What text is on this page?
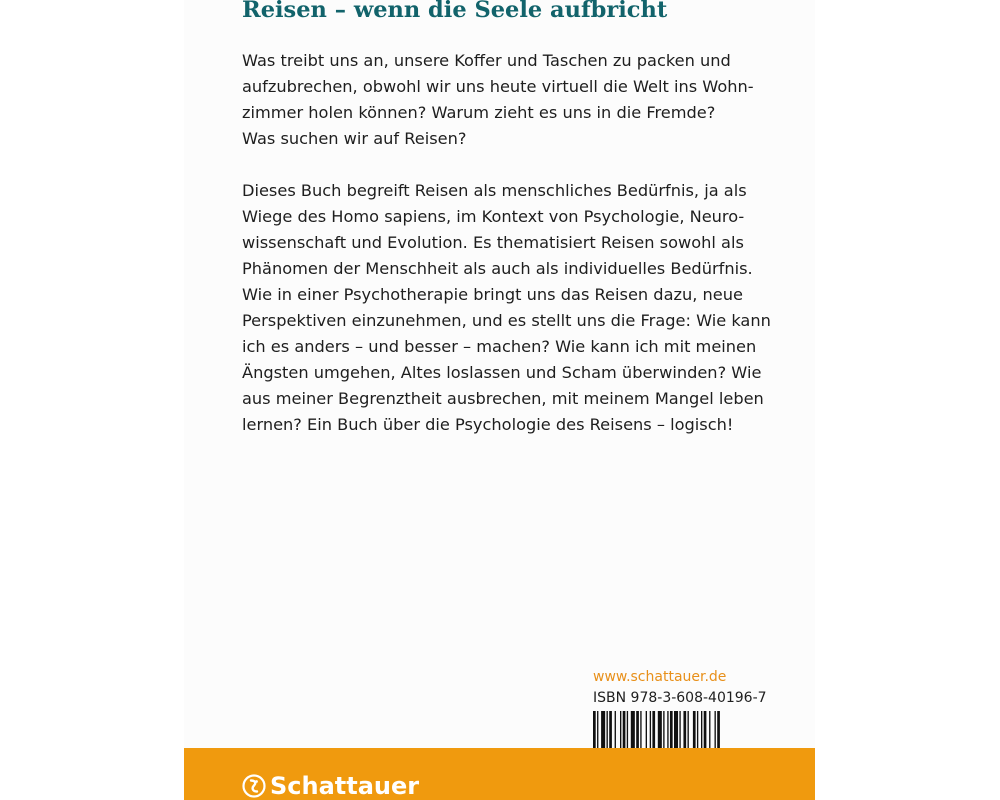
Reisen – wenn die Seele aufbricht
Was treibt uns an, unsere Koffer und Taschen zu packen und
aufzubrechen, obwohl wir uns heute virtuell die Welt ins Wohn-
zimmer holen können? Warum zieht es uns in die Fremde?
Was suchen wir auf Reisen?
Dieses Buch begreift Reisen als menschliches Bedürfnis, ja als
Wiege des Homo sapiens, im Kontext von Psychologie, Neuro-
wissenschaft und Evolution. Es thematisiert Reisen sowohl als
Phänomen der Menschheit als auch als individuelles Bedürfnis.
Wie in einer Psychotherapie bringt uns das Reisen dazu, neue
Perspektiven einzunehmen, und es stellt uns die Frage: Wie kann
ich es anders – und besser – machen? Wie kann ich mit meinen
Ängsten umgehen, Altes loslassen und Scham überwinden? Wie
aus meiner Begrenztheit ausbrechen, mit meinem Mangel leben
lernen? Ein Buch über die Psychologie des Reisens – logisch!
www.schattauer.de
ISBN 978-3-608-40196-7
Schattauer
